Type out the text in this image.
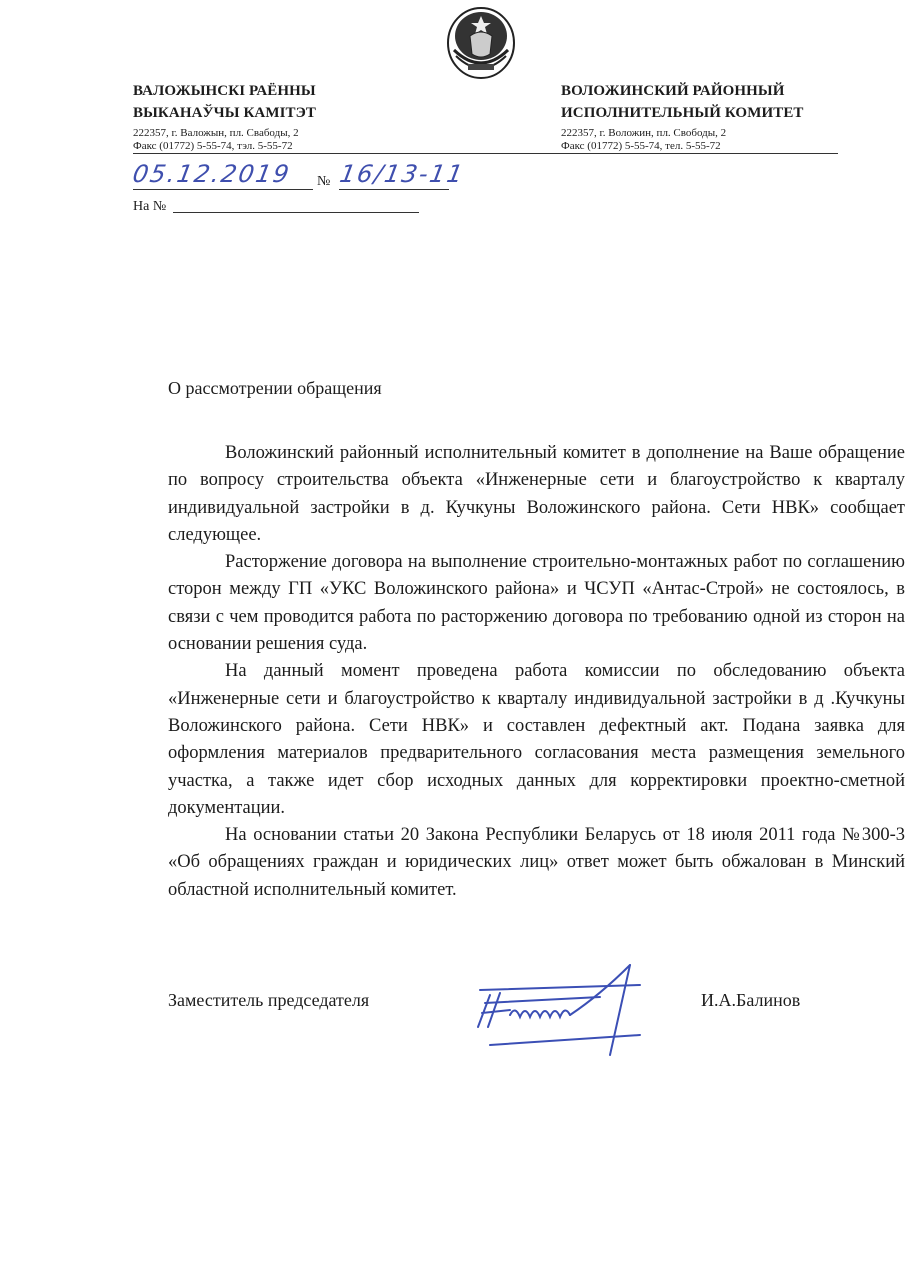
ВАЛОЖЫНСКІ РАЁННЫ
ВЫКАНАЎЧЫ КАМІТЭТ
222357, г. Валожын, пл. Свабоды, 2
Факс (01772) 5-55-74, тэл. 5-55-72
ВОЛОЖИНСКИЙ РАЙОННЫЙ
ИСПОЛНИТЕЛЬНЫЙ КОМИТЕТ
222357, г. Воложин, пл. Свободы, 2
Факс (01772) 5-55-74, тел. 5-55-72
05.12.2019 № 16/13-11
На №
О рассмотрении обращения

Воложинский районный исполнительный комитет в дополнение на Ваше обращение по вопросу строительства объекта «Инженерные сети и благоустройство к кварталу индивидуальной застройки в д. Кучкуны Воложинского района. Сети НВК» сообщает следующее.

Расторжение договора на выполнение строительно-монтажных работ по соглашению сторон между ГП «УКС Воложинского района» и ЧСУП «Антас-Строй» не состоялось, в связи с чем проводится работа по расторжению договора по требованию одной из сторон на основании решения суда.

На данный момент проведена работа комиссии по обследованию объекта «Инженерные сети и благоустройство к кварталу индивидуальной застройки в д .Кучкуны Воложинского района. Сети НВК» и составлен дефектный акт. Подана заявка для оформления материалов предварительного согласования места размещения земельного участка, а также идет сбор исходных данных для корректировки проектно-сметной документации.

На основании статьи 20 Закона Республики Беларусь от 18 июля 2011 года №300-3 «Об обращениях граждан и юридических лиц» ответ может быть обжалован в Минский областной исполнительный комитет.

Заместитель председателя	И.А.Балинов
